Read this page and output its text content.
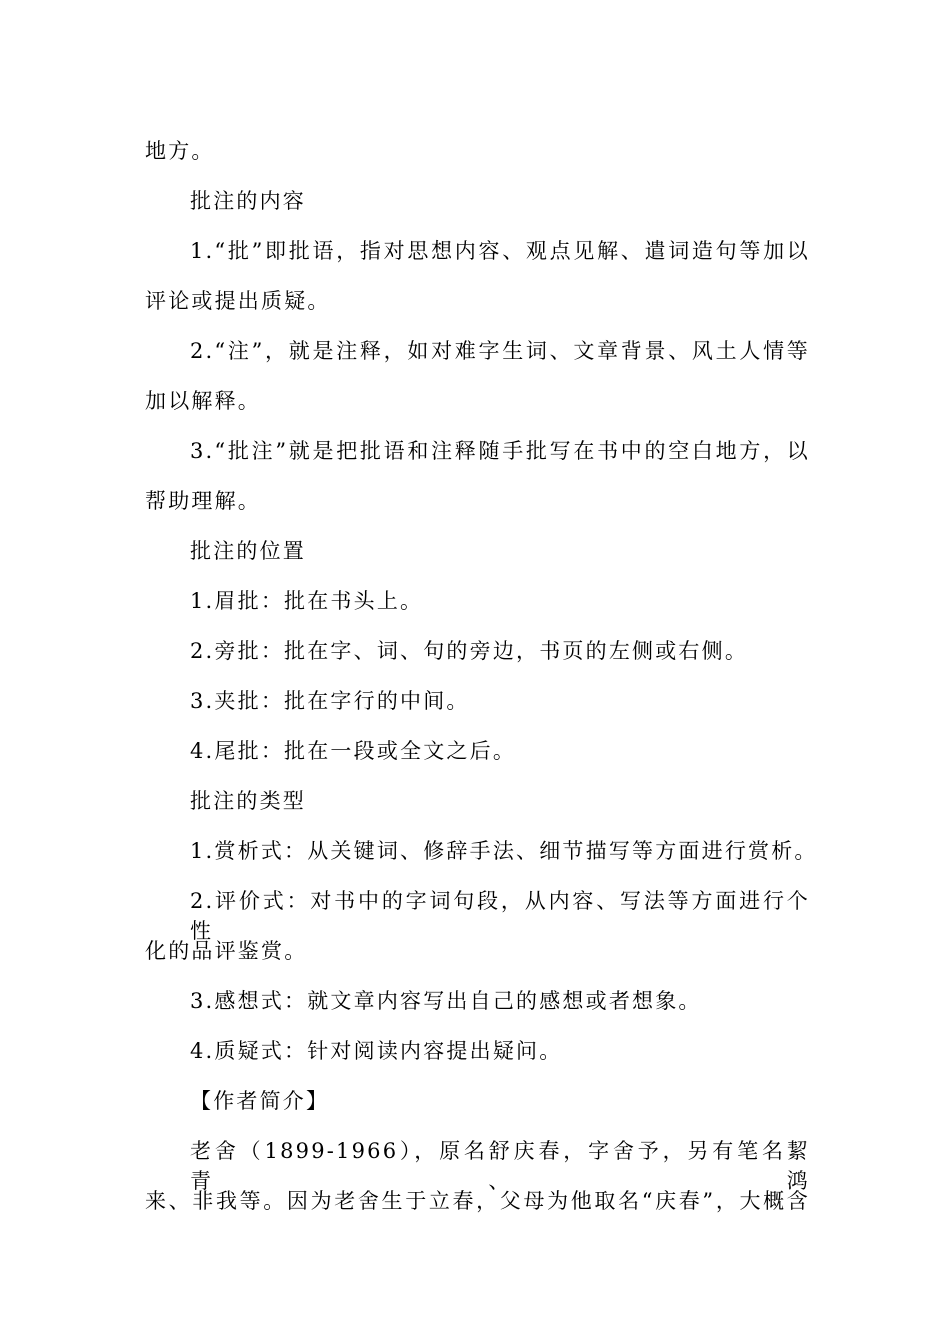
地方。
批注的内容
1.“批”即批语，指对思想内容、观点见解、遣词造句等加以
评论或提出质疑。
2.“注”，就是注释，如对难字生词、文章背景、风土人情等
加以解释。
3.“批注”就是把批语和注释随手批写在书中的空白地方，以
帮助理解。
批注的位置
1.眉批：批在书头上。
2.旁批：批在字、词、句的旁边，书页的左侧或右侧。
3.夹批：批在字行的中间。
4.尾批：批在一段或全文之后。
批注的类型
1.赏析式：从关键词、修辞手法、细节描写等方面进行赏析。
2.评价式：对书中的字词句段，从内容、写法等方面进行个性
化的品评鉴赏。
3.感想式：就文章内容写出自己的感想或者想象。
4.质疑式：针对阅读内容提出疑问。
【作者简介】
老舍（1899-1966），原名舒庆春，字舍予，另有笔名絜青、鸿
来、非我等。因为老舍生于立春，父母为他取名“庆春”，大概含
